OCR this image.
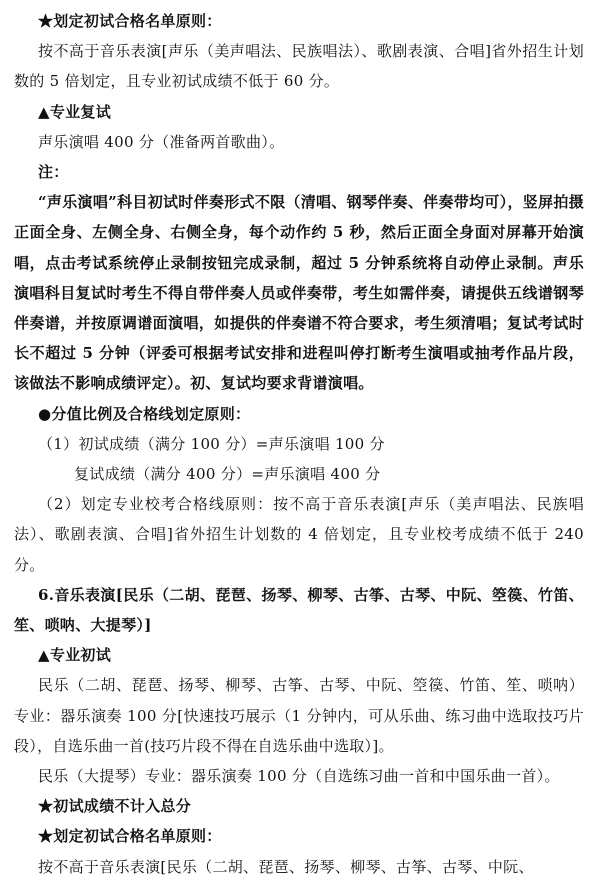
★划定初试合格名单原则：

按不高于音乐表演[声乐（美声唱法、民族唱法）、歌剧表演、合唱]省外招生计划数的 5 倍划定，且专业初试成绩不低于 60 分。

▲专业复试

声乐演唱 400 分（准备两首歌曲）。

注：

“声乐演唱”科目初试时伴奏形式不限（清唱、钢琴伴奏、伴奏带均可），竖屏拍摄正面全身、左侧全身、右侧全身，每个动作约 5 秒，然后正面全身面对屏幕开始演唱，点击考试系统停止录制按钮完成录制，超过 5 分钟系统将自动停止录制。声乐演唱科目复试时考生不得自带伴奏人员或伴奏带，考生如需伴奏，请提供五线谱钢琴伴奏谱，并按原调谱面演唱，如提供的伴奏谱不符合要求，考生须清唱；复试考试时长不超过 5 分钟（评委可根据考试安排和进程叫停打断考生演唱或抽考作品片段，该做法不影响成绩评定）。初、复试均要求背谱演唱。

●分值比例及合格线划定原则：

（1）初试成绩（满分 100 分）=声乐演唱 100 分

复试成绩（满分 400 分）=声乐演唱 400 分

（2）划定专业校考合格线原则：按不高于音乐表演[声乐（美声唱法、民族唱法）、歌剧表演、合唱]省外招生计划数的 4 倍划定，且专业校考成绩不低于 240 分。

6.音乐表演[民乐（二胡、琵琶、扬琴、柳琴、古筝、古琴、中阮、箜篌、竹笛、笙、唢呐、大提琴）]

▲专业初试

民乐（二胡、琵琶、扬琴、柳琴、古筝、古琴、中阮、箜篌、竹笛、笙、唢呐）专业：器乐演奏 100 分[快速技巧展示（1 分钟内，可从乐曲、练习曲中选取技巧片段），自选乐曲一首(技巧片段不得在自选乐曲中选取）]。

民乐（大提琴）专业：器乐演奏 100 分（自选练习曲一首和中国乐曲一首）。

★初试成绩不计入总分

★划定初试合格名单原则：

按不高于音乐表演[民乐（二胡、琵琶、扬琴、柳琴、古筝、古琴、中阮、
